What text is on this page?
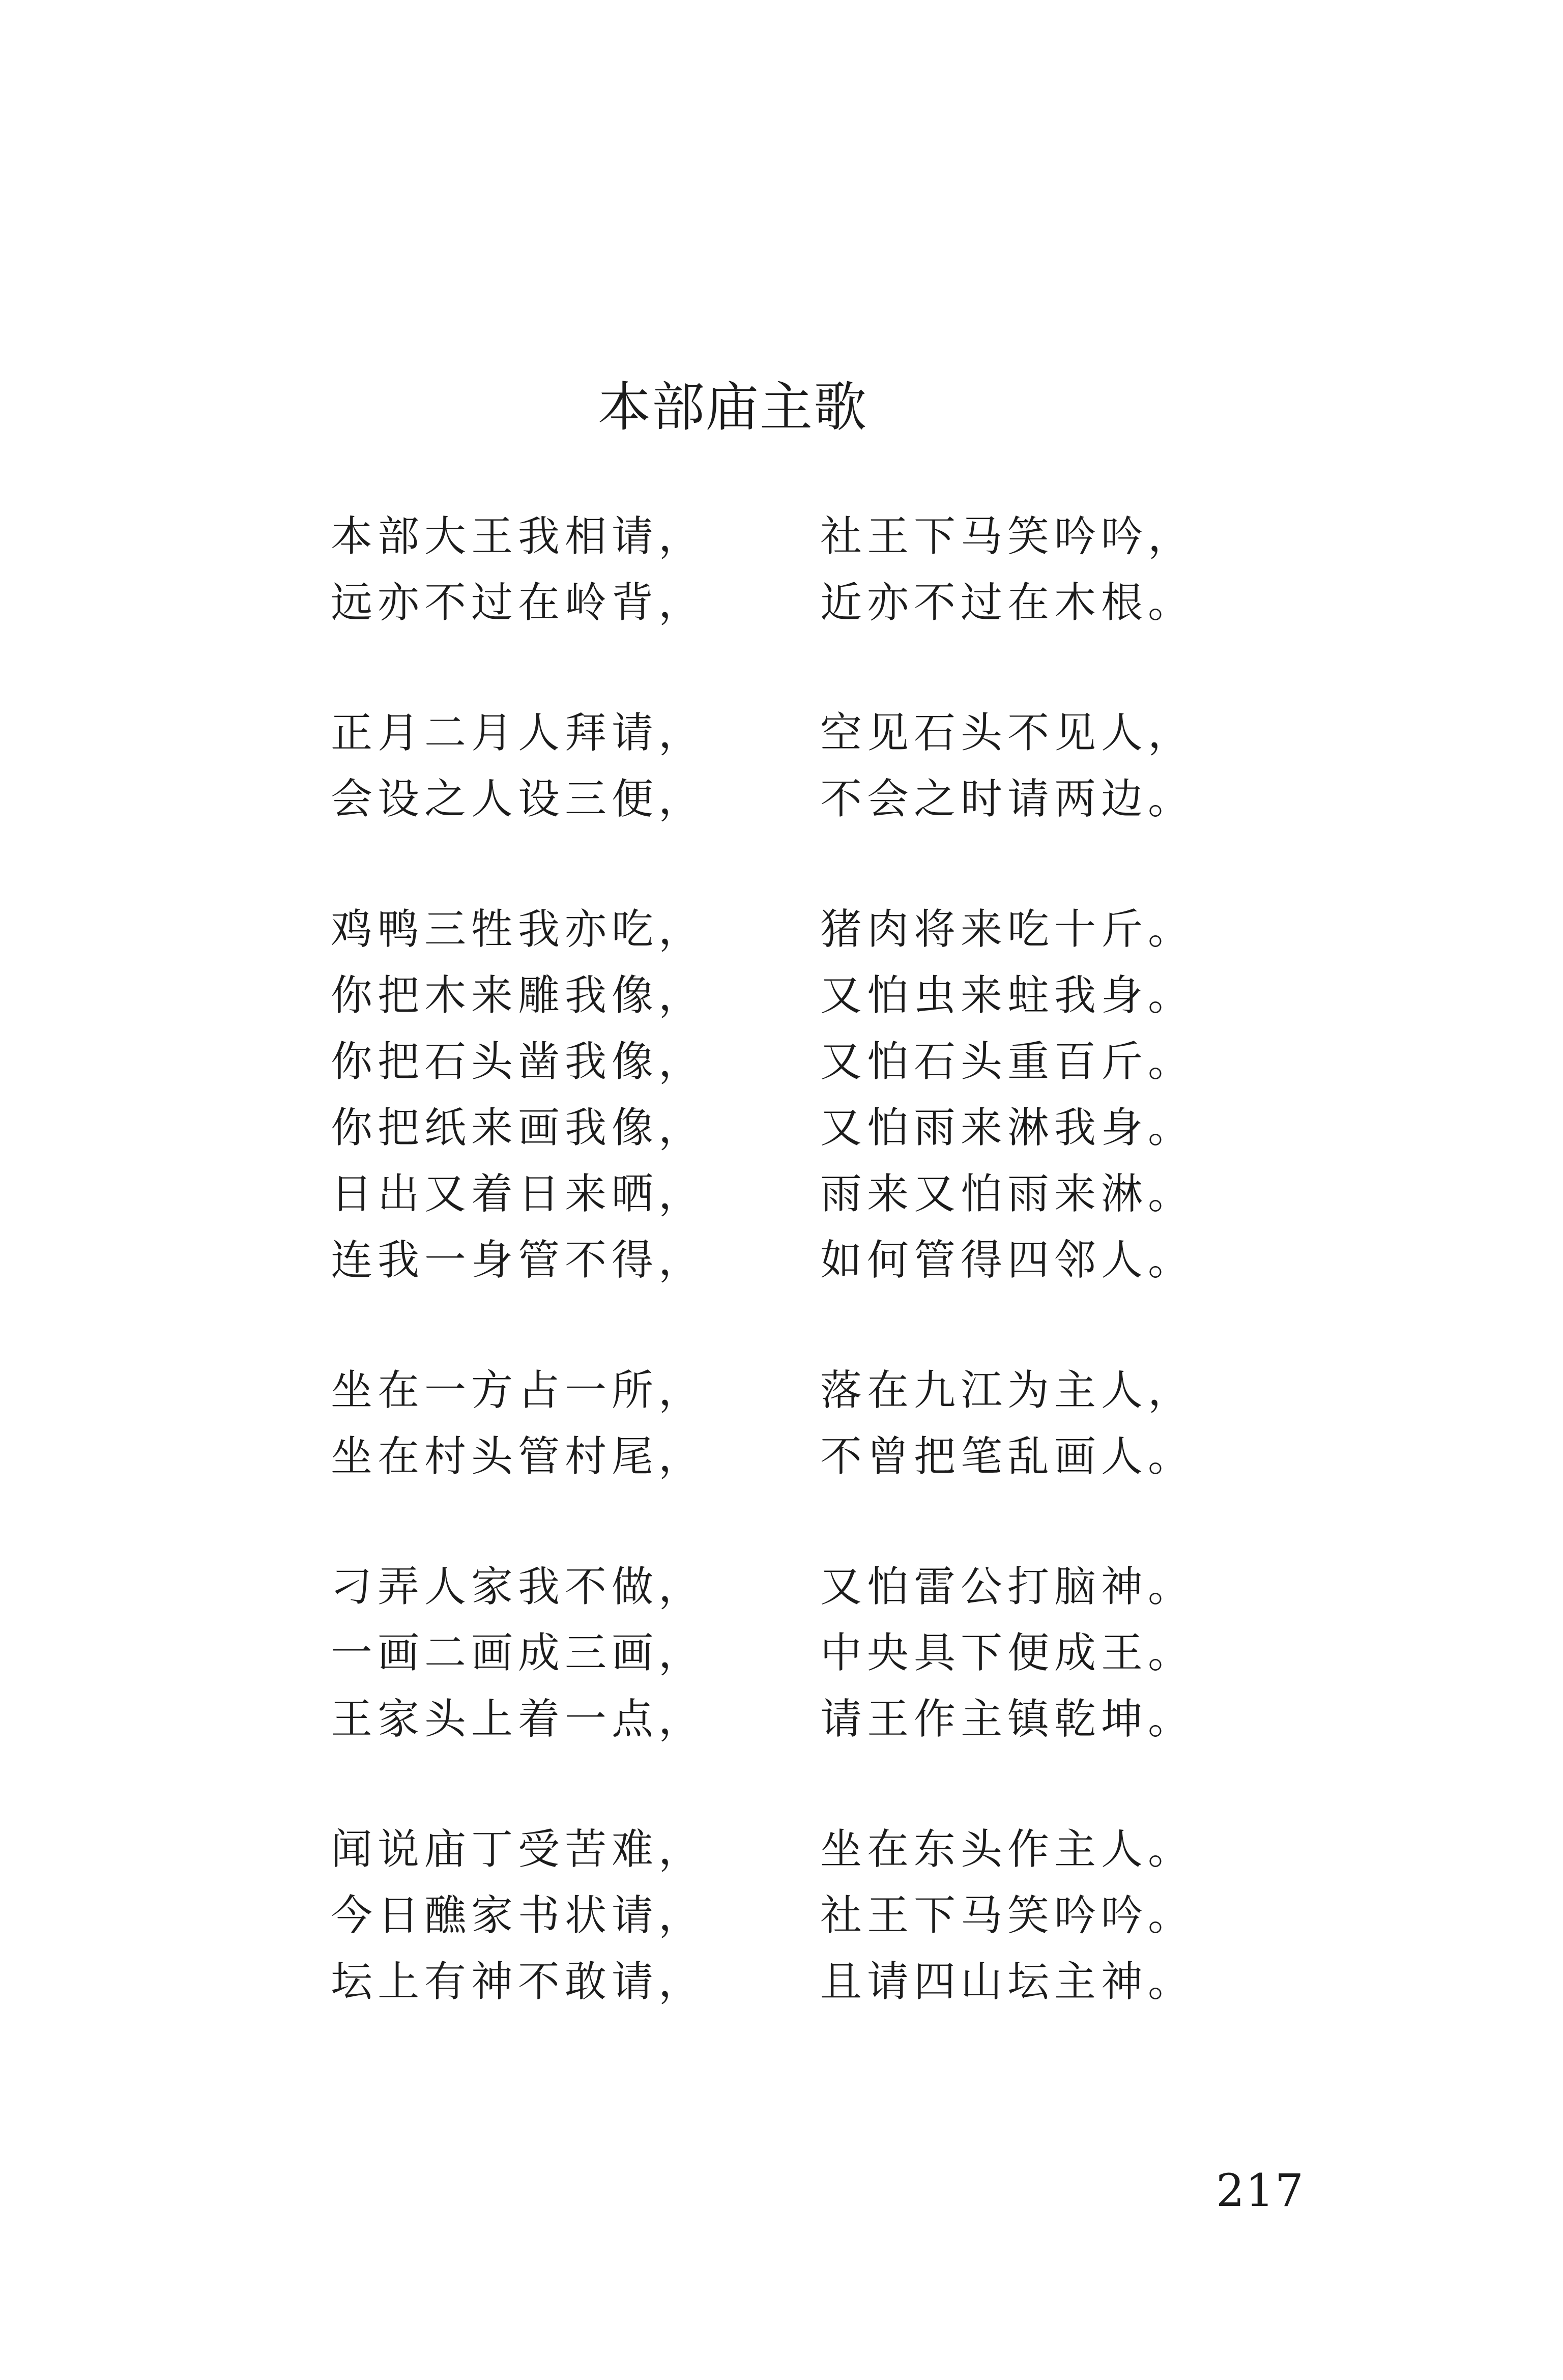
本部庙主歌
本部大王我相请，	社王下马笑吟吟，
远亦不过在岭背，	近亦不过在木根。
正月二月人拜请，	空见石头不见人，
会设之人设三便，	不会之时请两边。
鸡鸭三牲我亦吃，	猪肉将来吃十斤。
你把木来雕我像，	又怕虫来蛀我身。
你把石头凿我像，	又怕石头重百斤。
你把纸来画我像，	又怕雨来淋我身。
日出又着日来晒，	雨来又怕雨来淋。
连我一身管不得，	如何管得四邻人。
坐在一方占一所，	落在九江为主人，
坐在村头管村尾，	不曾把笔乱画人。
刁弄人家我不做，	又怕雷公打脑神。
一画二画成三画，	中央具下便成王。
王家头上着一点，	请王作主镇乾坤。
闻说庙丁受苦难，	坐在东头作主人。
今日醮家书状请，	社王下马笑吟吟。
坛上有神不敢请，	且请四山坛主神。
217
